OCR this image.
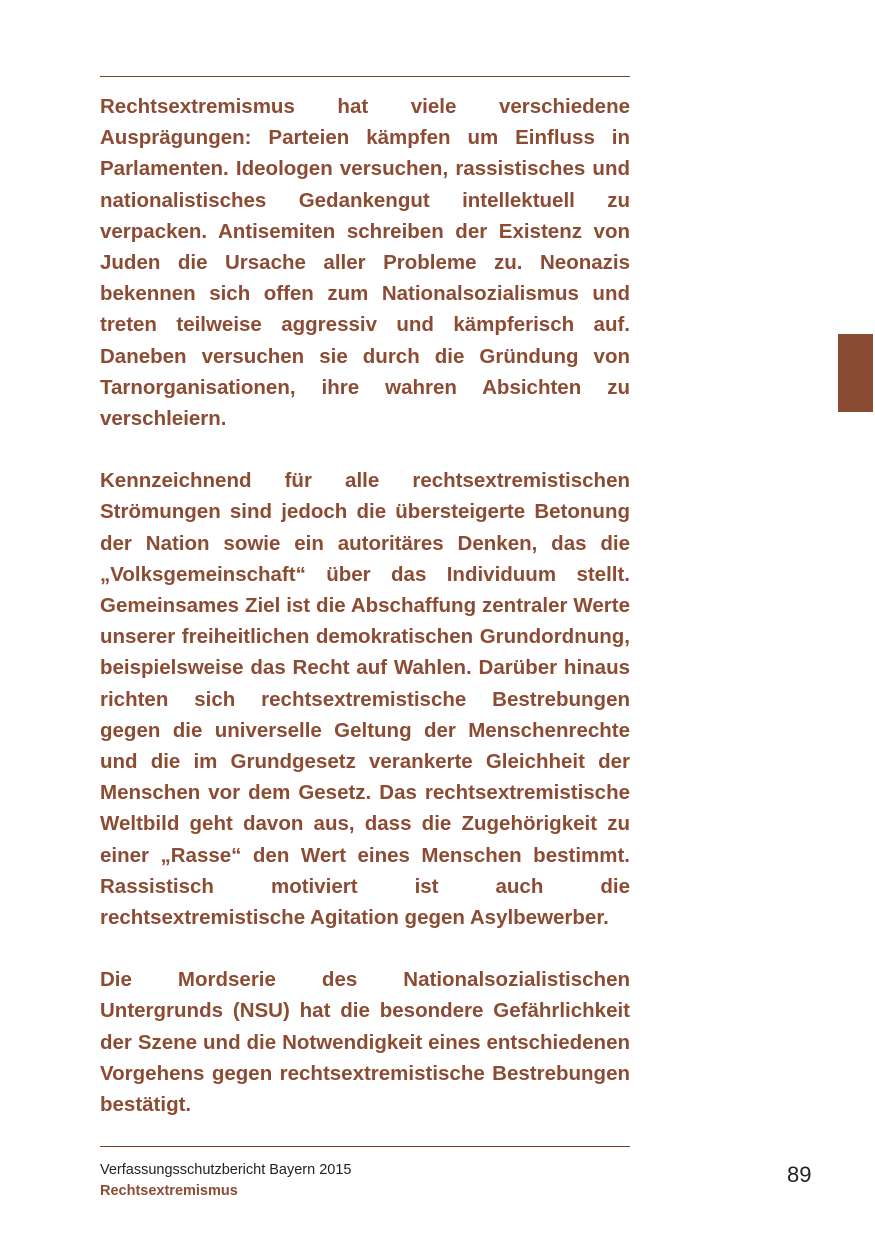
Rechtsextremismus hat viele verschiedene Ausprägungen: Parteien kämpfen um Einfluss in Parlamenten. Ideologen versuchen, rassistisches und nationalistisches Gedankengut intellektuell zu verpacken. Antisemiten schreiben der Existenz von Juden die Ursache aller Probleme zu. Neonazis bekennen sich offen zum Nationalsozialismus und treten teilweise aggressiv und kämpferisch auf. Daneben versuchen sie durch die Gründung von Tarnorganisationen, ihre wahren Absichten zu verschleiern.

Kennzeichnend für alle rechtsextremistischen Strömungen sind jedoch die übersteigerte Betonung der Nation sowie ein autoritäres Denken, das die „Volksgemeinschaft“ über das Individuum stellt. Gemeinsames Ziel ist die Abschaffung zentraler Werte unserer freiheitlichen demokratischen Grundordnung, beispielsweise das Recht auf Wahlen. Darüber hinaus richten sich rechtsextremistische Bestrebungen gegen die universelle Geltung der Menschenrechte und die im Grundgesetz verankerte Gleichheit der Menschen vor dem Gesetz. Das rechtsextremistische Weltbild geht davon aus, dass die Zugehörigkeit zu einer „Rasse“ den Wert eines Menschen bestimmt. Rassistisch motiviert ist auch die rechtsextremistische Agitation gegen Asylbewerber.

Die Mordserie des Nationalsozialistischen Untergrunds (NSU) hat die besondere Gefährlichkeit der Szene und die Notwendigkeit eines entschiedenen Vorgehens gegen rechtsextremistische Bestrebungen bestätigt.

Verfassungsschutzbericht Bayern 2015
Rechtsextremismus
89
